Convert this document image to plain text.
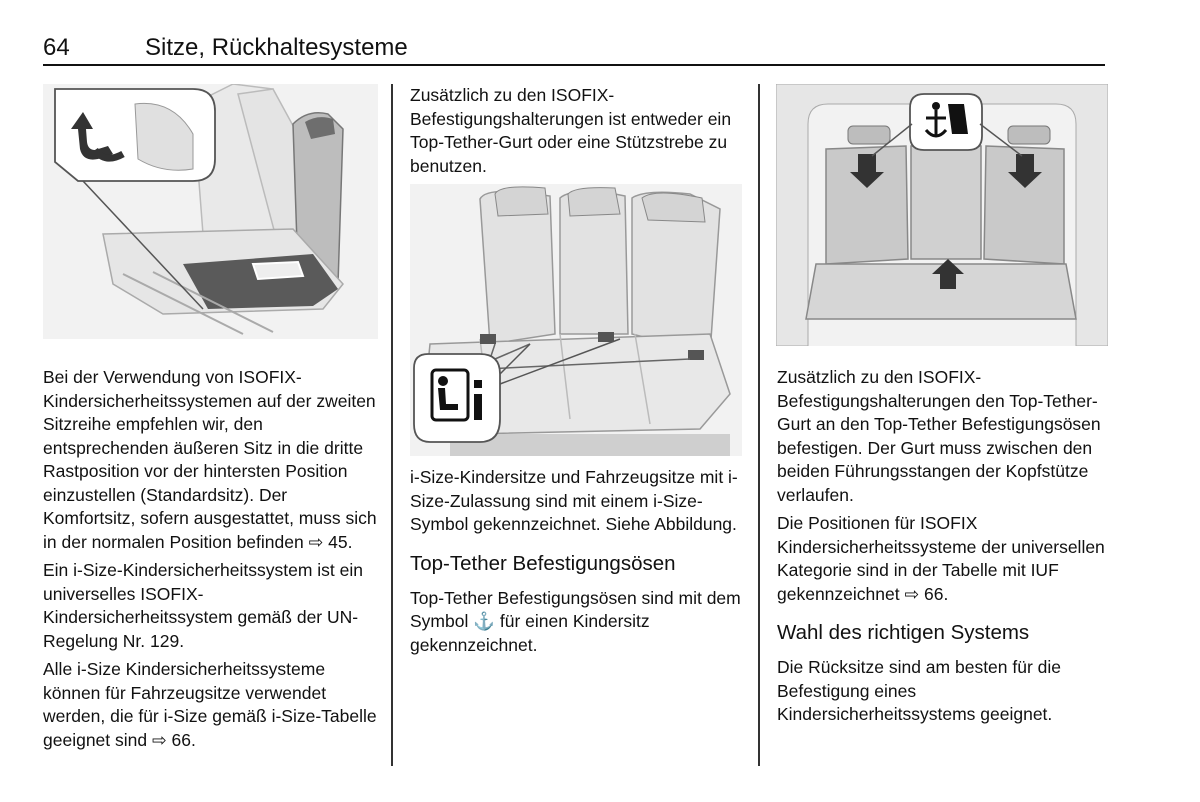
64	Sitze, Rückhaltesysteme

Bei der Verwendung von ISOFIX-Kindersicherheitssystemen auf der zweiten Sitzreihe empfehlen wir, den entsprechenden äußeren Sitz in die dritte Rastposition vor der hintersten Position einzustellen (Standardsitz). Der Komfortsitz, sofern ausgestattet, muss sich in der normalen Position befinden ⇨ 45.

Ein i-Size-Kindersicherheitssystem ist ein universelles ISOFIX-Kindersicherheitssystem gemäß der UN-Regelung Nr. 129.

Alle i-Size Kindersicherheitssysteme können für Fahrzeugsitze verwendet werden, die für i-Size gemäß i-Size-Tabelle geeignet sind ⇨ 66.

Zusätzlich zu den ISOFIX-Befestigungshalterungen ist entweder ein Top-Tether-Gurt oder eine Stützstrebe zu benutzen.

i-Size-Kindersitze und Fahrzeugsitze mit i-Size-Zulassung sind mit einem i-Size-Symbol gekennzeichnet. Siehe Abbildung.

Top-Tether Befestigungsösen

Top-Tether Befestigungsösen sind mit dem Symbol ⚓ für einen Kindersitz gekennzeichnet.

Zusätzlich zu den ISOFIX-Befestigungshalterungen den Top-Tether-Gurt an den Top-Tether Befestigungsösen befestigen. Der Gurt muss zwischen den beiden Führungsstangen der Kopfstütze verlaufen.

Die Positionen für ISOFIX Kindersicherheitssysteme der universellen Kategorie sind in der Tabelle mit IUF gekennzeichnet ⇨ 66.

Wahl des richtigen Systems

Die Rücksitze sind am besten für die Befestigung eines Kindersicherheitssystems geeignet.
